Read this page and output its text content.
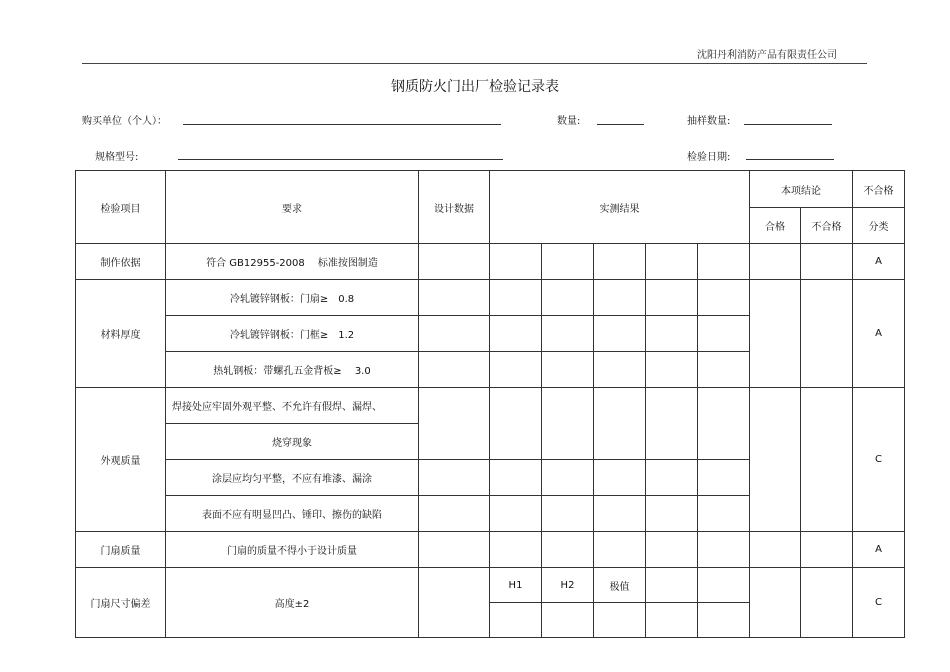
沈阳丹利消防产品有限责任公司
钢质防火门出厂检验记录表
购买单位（个人）：	数量:	抽样数量:
规格型号:	检验日期:
检验项目	要求	设计数据	实测结果					本项结论		不合格
								合格	不合格	分类
制作依据	符合 GB12955-2008　 标准按图制造									A
材料厚度	冷轧镀锌钢板：门扇≥　0.8									A
	冷轧镀锌钢板：门框≥　1.2									
	热轧钢板：带螺孔五金背板≥　 3.0									
外观质量	焊接处应牢固外观平整、不允许有假焊、漏焊、									C
	烧穿现象									
	涂层应均匀平整，不应有堆漆、漏涂									
	表面不应有明显凹凸、锤印、擦伤的缺陷									
门扇质量	门扇的质量不得小于设计质量									A
门扇尺寸偏差	高度±2		H1	H2	极值					C
